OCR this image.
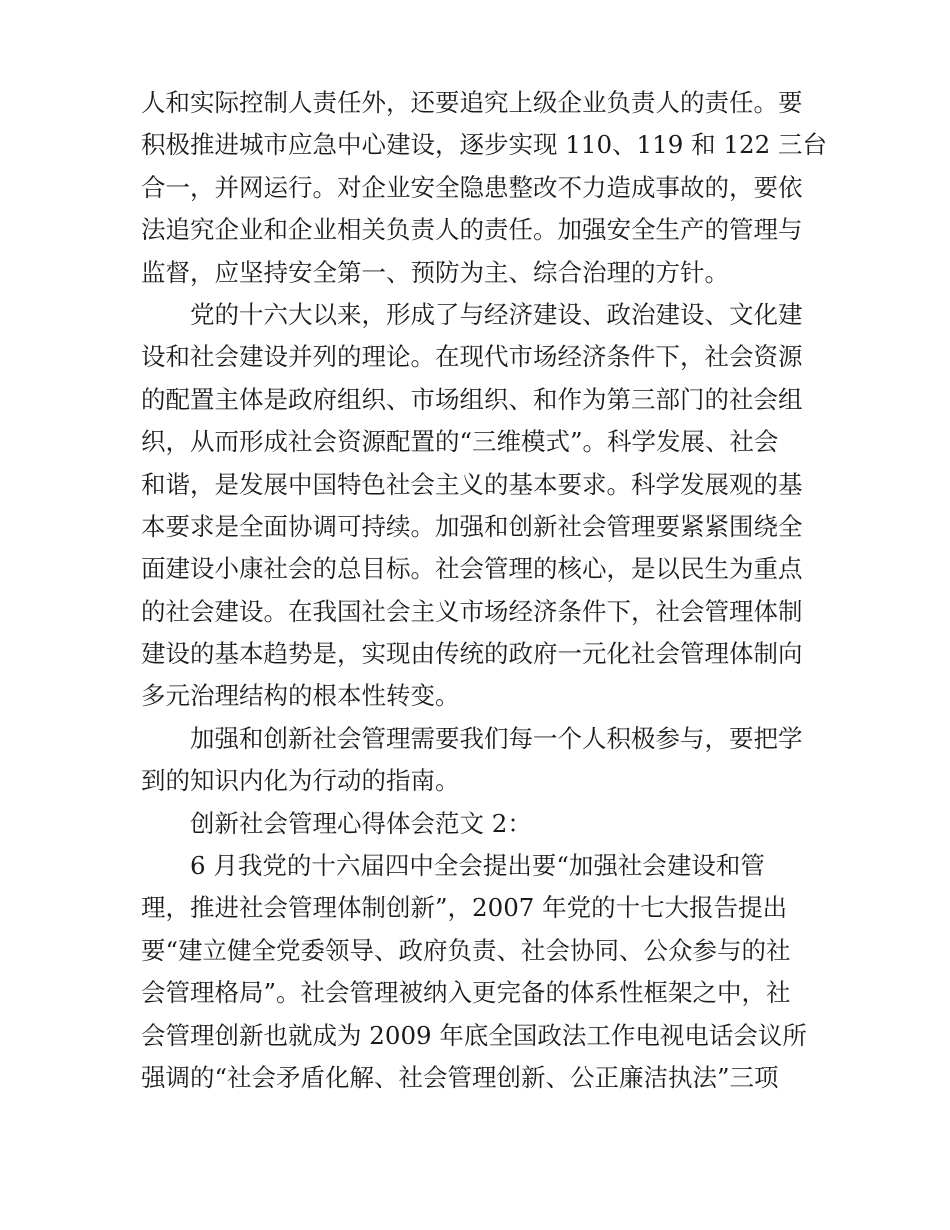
人和实际控制人责任外，还要追究上级企业负责人的责任。要
积极推进城市应急中心建设，逐步实现 110、119 和 122 三台
合一，并网运行。对企业安全隐患整改不力造成事故的，要依
法追究企业和企业相关负责人的责任。加强安全生产的管理与
监督，应坚持安全第一、预防为主、综合治理的方针。
党的十六大以来，形成了与经济建设、政治建设、文化建
设和社会建设并列的理论。在现代市场经济条件下，社会资源
的配置主体是政府组织、市场组织、和作为第三部门的社会组
织，从而形成社会资源配置的“三维模式”。科学发展、社会
和谐，是发展中国特色社会主义的基本要求。科学发展观的基
本要求是全面协调可持续。加强和创新社会管理要紧紧围绕全
面建设小康社会的总目标。社会管理的核心，是以民生为重点
的社会建设。在我国社会主义市场经济条件下，社会管理体制
建设的基本趋势是，实现由传统的政府一元化社会管理体制向
多元治理结构的根本性转变。
加强和创新社会管理需要我们每一个人积极参与，要把学
到的知识内化为行动的指南。
创新社会管理心得体会范文 2：
6 月我党的十六届四中全会提出要“加强社会建设和管
理，推进社会管理体制创新”，2007 年党的十七大报告提出
要“建立健全党委领导、政府负责、社会协同、公众参与的社
会管理格局”。社会管理被纳入更完备的体系性框架之中，社
会管理创新也就成为 2009 年底全国政法工作电视电话会议所
强调的“社会矛盾化解、社会管理创新、公正廉洁执法”三项
